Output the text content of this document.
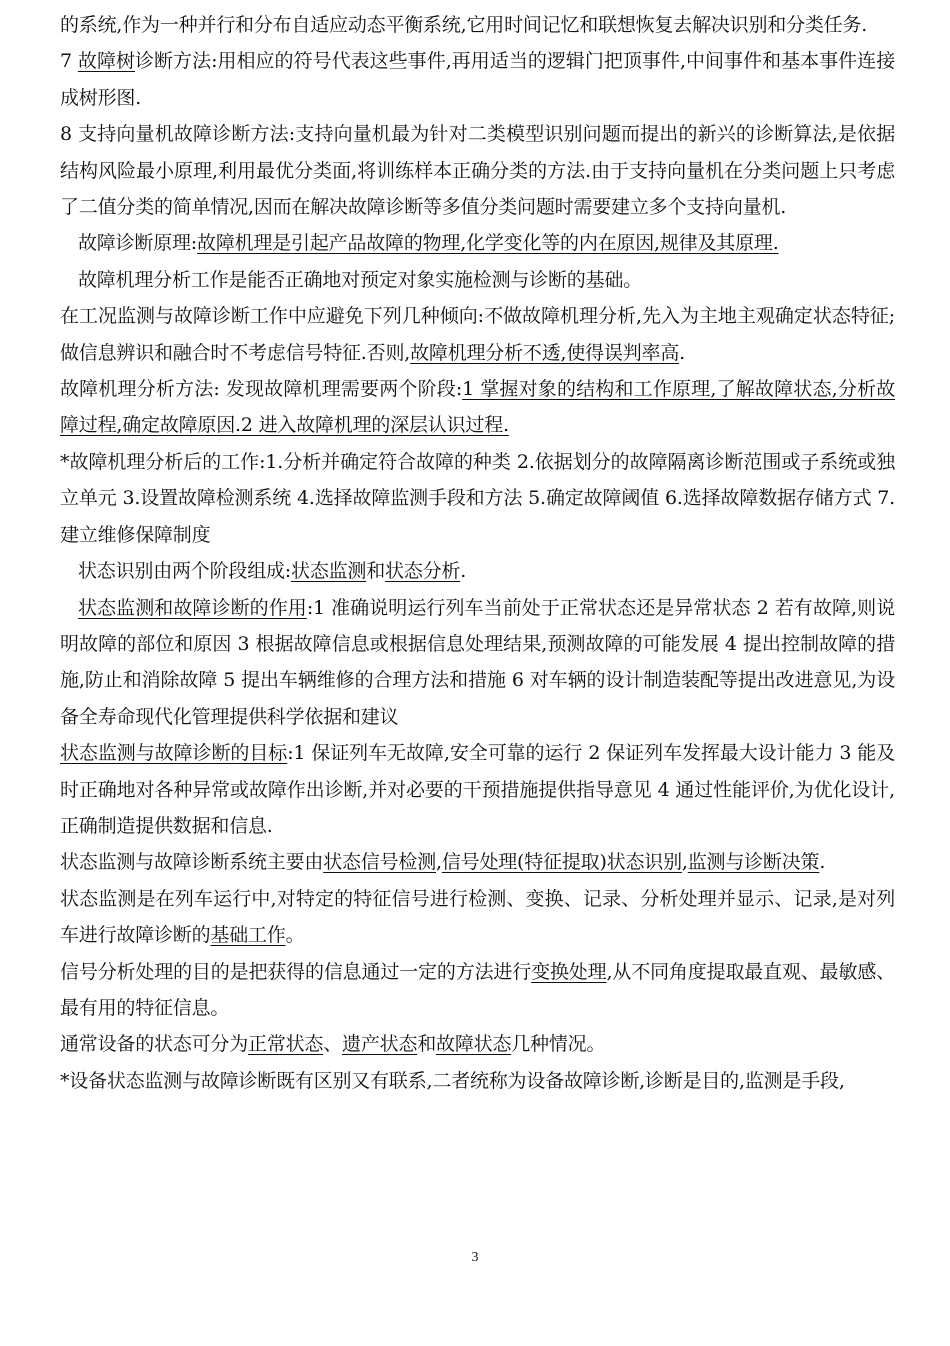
的系统,作为一种并行和分布自适应动态平衡系统,它用时间记忆和联想恢复去解决识别和分类任务.

7 故障树诊断方法:用相应的符号代表这些事件,再用适当的逻辑门把顶事件,中间事件和基本事件连接成树形图.

8 支持向量机故障诊断方法:支持向量机最为针对二类模型识别问题而提出的新兴的诊断算法,是依据结构风险最小原理,利用最优分类面,将训练样本正确分类的方法.由于支持向量机在分类问题上只考虑了二值分类的简单情况,因而在解决故障诊断等多值分类问题时需要建立多个支持向量机.

故障诊断原理:故障机理是引起产品故障的物理,化学变化等的内在原因,规律及其原理.

故障机理分析工作是能否正确地对预定对象实施检测与诊断的基础。

在工况监测与故障诊断工作中应避免下列几种倾向:不做故障机理分析,先入为主地主观确定状态特征;做信息辨识和融合时不考虑信号特征.否则,故障机理分析不透,使得误判率高.

故障机理分析方法: 发现故障机理需要两个阶段:1 掌握对象的结构和工作原理,了解故障状态,分析故障过程,确定故障原因.2 进入故障机理的深层认识过程.

*故障机理分析后的工作:1.分析并确定符合故障的种类 2.依据划分的故障隔离诊断范围或子系统或独立单元 3.设置故障检测系统 4.选择故障监测手段和方法 5.确定故障阈值 6.选择故障数据存储方式 7.建立维修保障制度

状态识别由两个阶段组成:状态监测和状态分析.

状态监测和故障诊断的作用:1 准确说明运行列车当前处于正常状态还是异常状态 2 若有故障,则说明故障的部位和原因 3 根据故障信息或根据信息处理结果,预测故障的可能发展 4 提出控制故障的措施,防止和消除故障 5 提出车辆维修的合理方法和措施 6 对车辆的设计制造装配等提出改进意见,为设备全寿命现代化管理提供科学依据和建议

状态监测与故障诊断的目标:1 保证列车无故障,安全可靠的运行 2 保证列车发挥最大设计能力 3 能及时正确地对各种异常或故障作出诊断,并对必要的干预措施提供指导意见 4 通过性能评价,为优化设计,正确制造提供数据和信息.

状态监测与故障诊断系统主要由状态信号检测,信号处理(特征提取)状态识别,监测与诊断决策.

状态监测是在列车运行中,对特定的特征信号进行检测、变换、记录、分析处理并显示、记录,是对列车进行故障诊断的基础工作。

信号分析处理的目的是把获得的信息通过一定的方法进行变换处理,从不同角度提取最直观、最敏感、最有用的特征信息。

通常设备的状态可分为正常状态、遗产状态和故障状态几种情况。

*设备状态监测与故障诊断既有区别又有联系,二者统称为设备故障诊断,诊断是目的,监测是手段,

3
